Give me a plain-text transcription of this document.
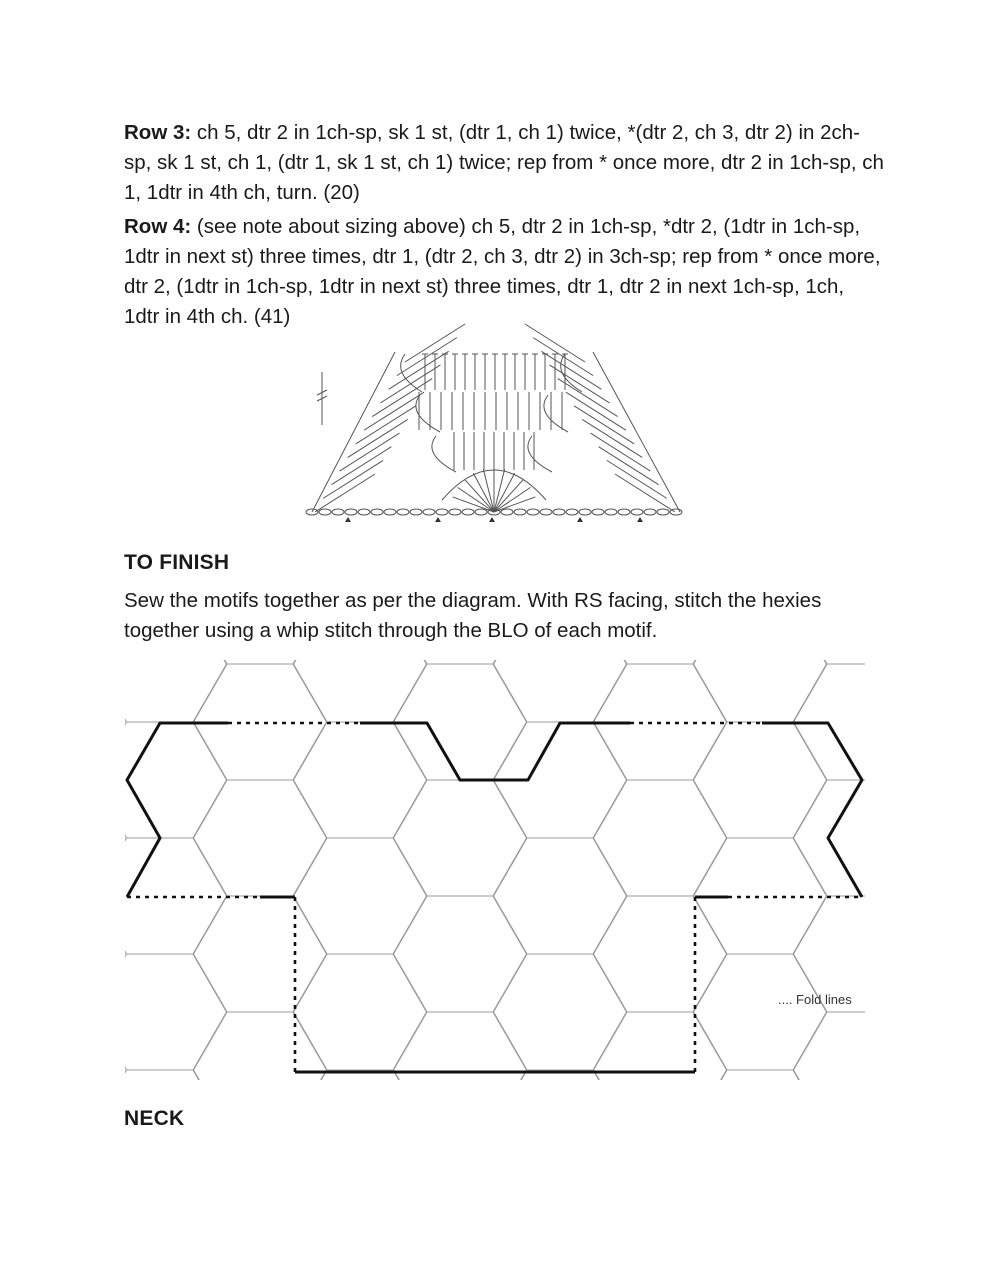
Row 3: ch 5, dtr 2 in 1ch-sp, sk 1 st, (dtr 1, ch 1) twice, *(dtr 2, ch 3, dtr 2) in 2ch-sp, sk 1 st, ch 1, (dtr 1, sk 1 st, ch 1) twice; rep from * once more, dtr 2 in 1ch-sp, ch 1, 1dtr in 4th ch, turn. (20)

Row 4: (see note about sizing above) ch 5, dtr 2 in 1ch-sp, *dtr 2, (1dtr in 1ch-sp, 1dtr in next st) three times, dtr 1, (dtr 2, ch 3, dtr 2) in 3ch-sp; rep from * once more, dtr 2, (1dtr in 1ch-sp, 1dtr in next st) three times, dtr 1, dtr 2 in next 1ch-sp, 1ch, 1dtr in 4th ch. (41)

TO FINISH

Sew the motifs together as per the diagram. With RS facing, stitch the hexies together using a whip stitch through the BLO of each motif.

.... Fold lines
NECK
